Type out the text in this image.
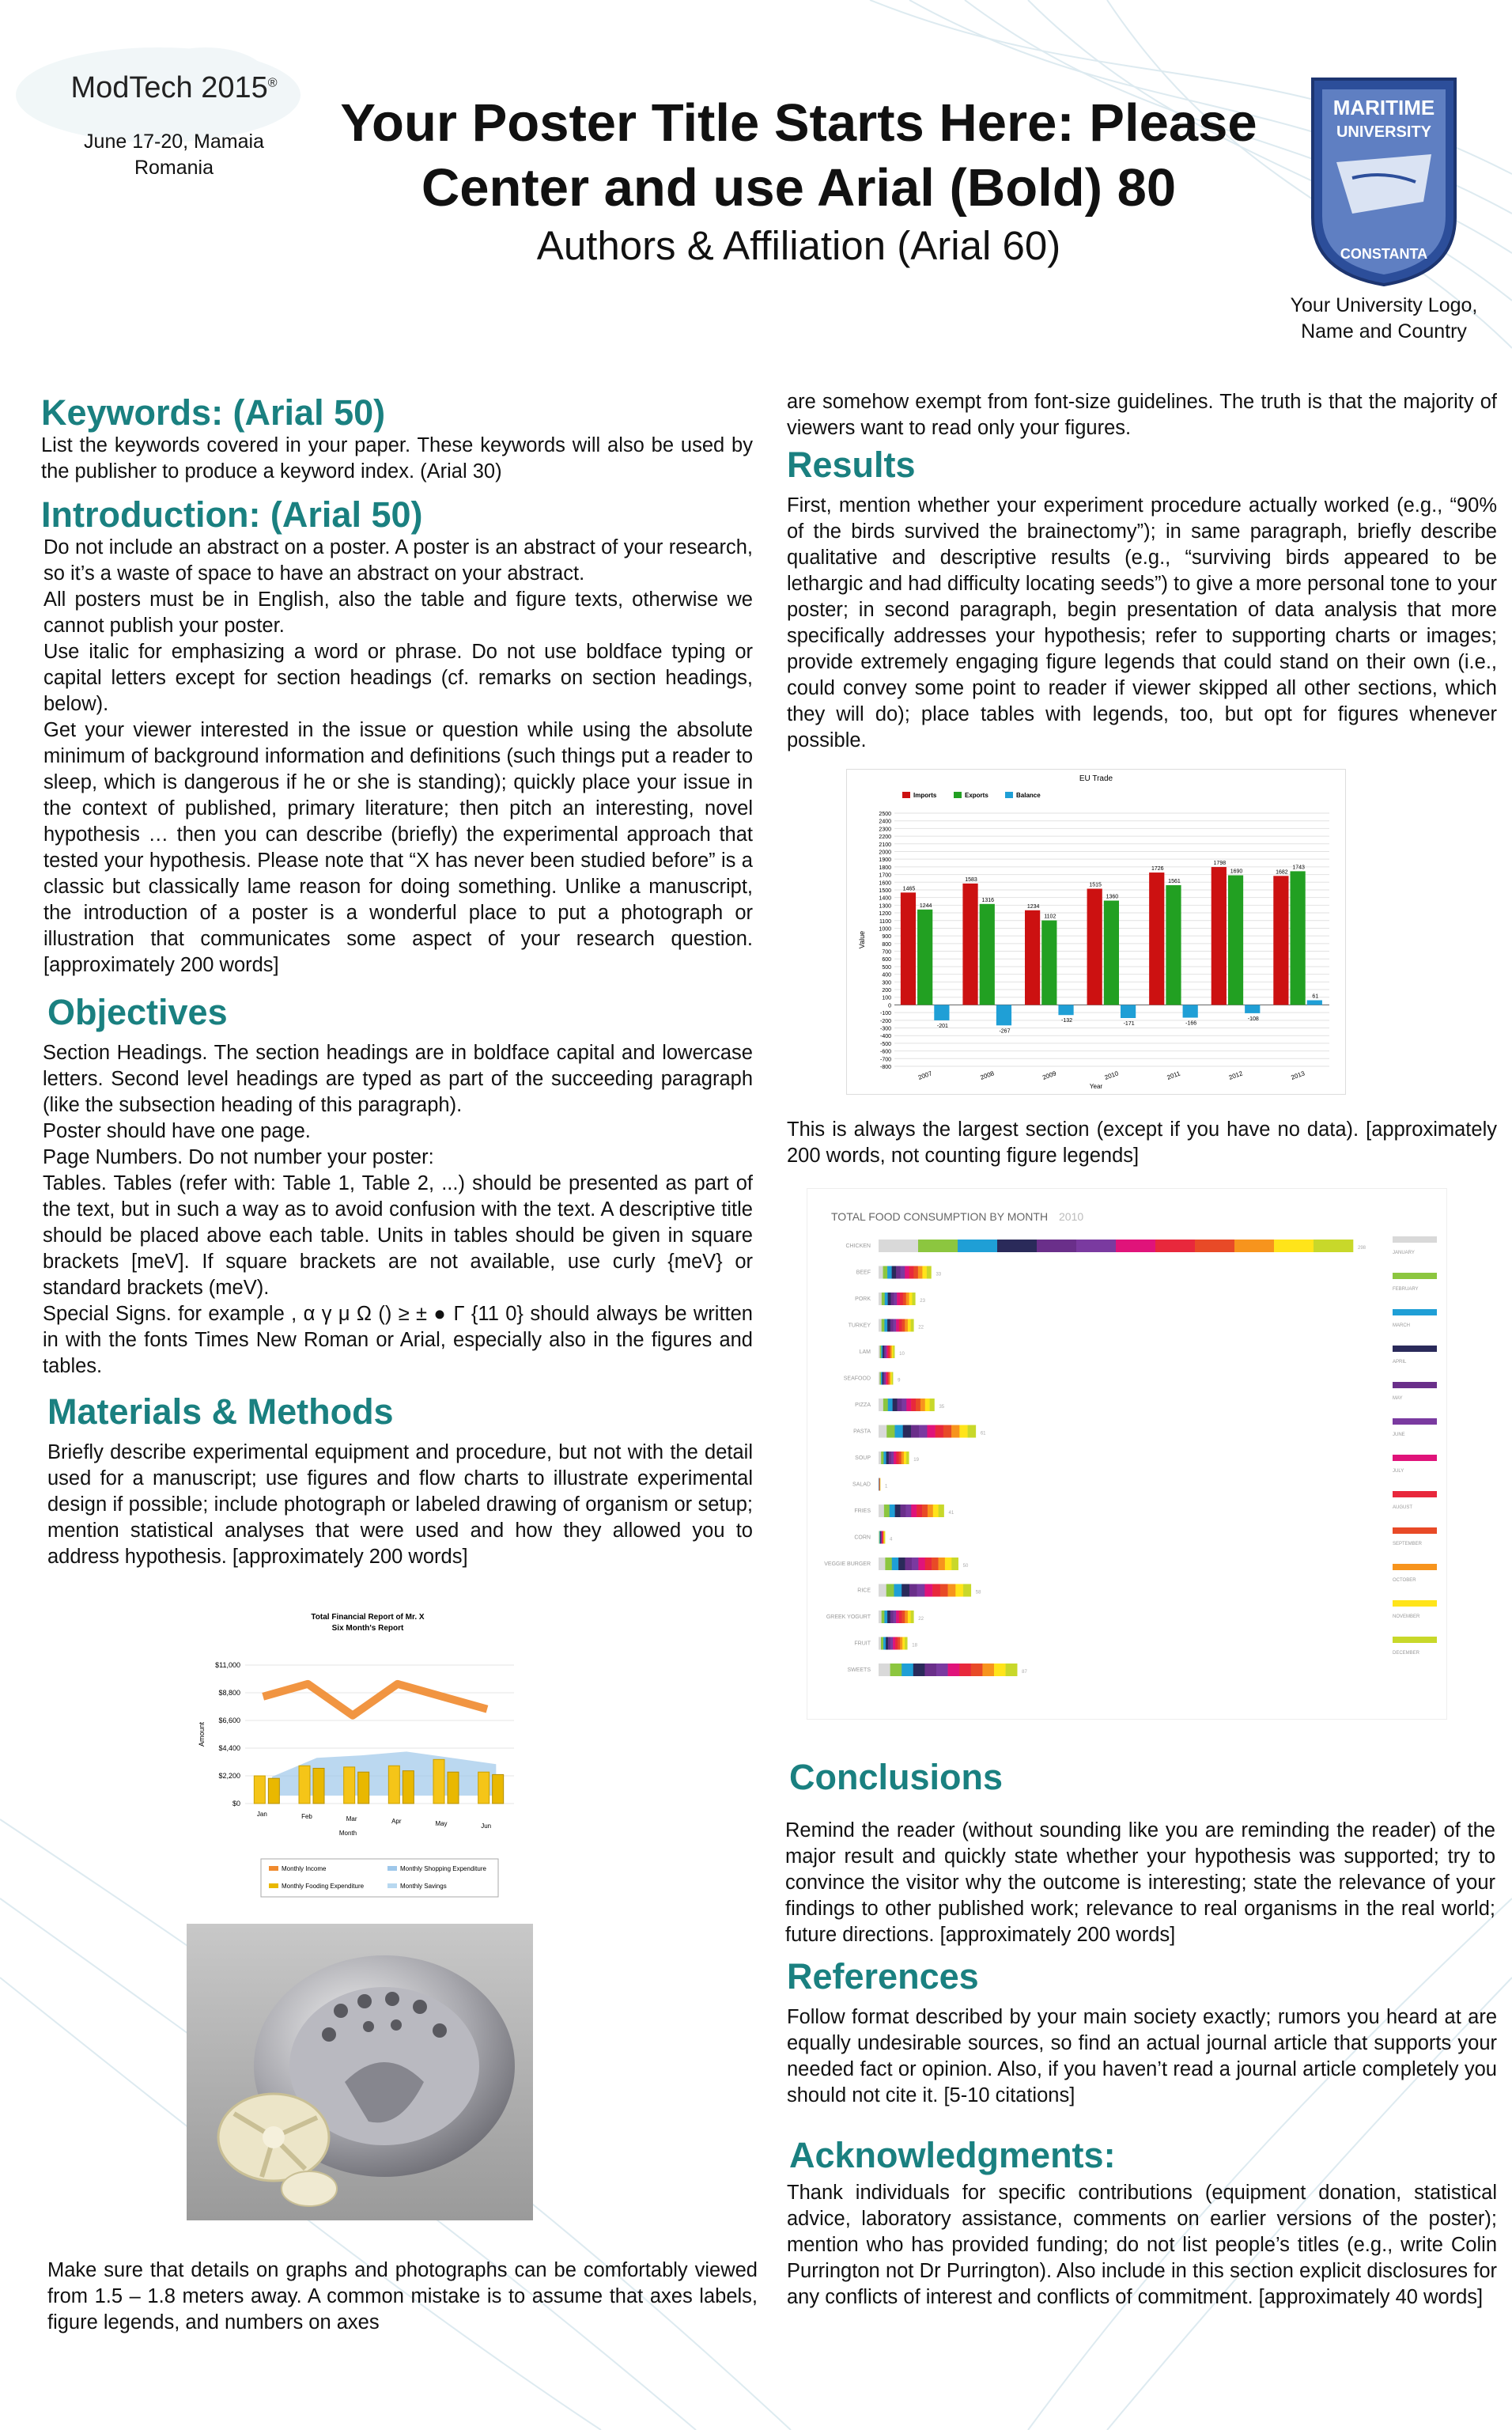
ModTech 2015®
June 17-20, Mamaia
Romania
Your Poster Title Starts Here: Please
Center and use Arial (Bold) 80
Authors & Affiliation (Arial 60)
MARITIME
UNIVERSITY
CONSTANTA
Your University Logo,
Name and Country
Keywords: (Arial 50)

List the keywords covered in your paper. These keywords will also be used by the publisher to produce a keyword index. (Arial 30)

Introduction: (Arial 50)

Do not include an abstract on a poster. A poster is an abstract of your research, so it’s a waste of space to have an abstract on your abstract.

All posters must be in English, also the table and figure texts, otherwise we cannot publish your poster.

Use italic for emphasizing a word or phrase. Do not use boldface typing or capital letters except for section headings (cf. remarks on section headings, below).

Get your viewer interested in the issue or question while using the absolute minimum of background information and definitions (such things put a reader to sleep, which is dangerous if he or she is standing); quickly place your issue in the context of published, primary literature; then pitch an interesting, novel hypothesis … then you can describe (briefly) the experimental approach that tested your hypothesis. Please note that “X has never been studied before” is a classic but classically lame reason for doing something. Unlike a manuscript, the introduction of a poster is a wonderful place to put a photograph or illustration that communicates some aspect of your research question. [approximately 200 words]

Objectives

Section Headings. The section headings are in boldface capital and lowercase letters. Second level headings are typed as part of the succeeding paragraph (like the subsection heading of this paragraph).

Poster should have one page.

Page Numbers. Do not number your poster:

Tables. Tables (refer with: Table 1, Table 2, ...) should be presented as part of the text, but in such a way as to avoid confusion with the text. A descriptive title should be placed above each table. Units in tables should be given in square brackets [meV]. If square brackets are not available, use curly {meV} or standard brackets (meV).

Special Signs. for example , α γ μ Ω () ≥ ± ● Γ {11 0} should always be written in with the fonts Times New Roman or Arial, especially also in the figures and tables.

Materials & Methods

Briefly describe experimental equipment and procedure, but not with the detail used for a manuscript; use figures and flow charts to illustrate experimental design if possible; include photograph or labeled drawing of organism or setup; mention statistical analyses that were used and how they allowed you to address hypothesis. [approximately 200 words]

Total Financial Report of Mr. X
Six Month's Report
$0
$2,200
$4,400
$6,600
$8,800
$11,000
Amount
Jan	Feb	Mar	Apr	May	Jun
Month
Monthly Income	Monthly Shopping Expenditure
Monthly Fooding Expenditure	Monthly Savings
Make sure that details on graphs and photographs can be comfortably viewed from 1.5 – 1.8 meters away. A common mistake is to assume that axes labels, figure legends, and numbers on axes
are somehow exempt from font-size guidelines. The truth is that the majority of viewers want to read only your figures.
Results

First, mention whether your experiment procedure actually worked (e.g., “90% of the birds survived the brainectomy”); in same paragraph, briefly describe qualitative and descriptive results (e.g., “surviving birds appeared to be lethargic and had difficulty locating seeds”) to give a more personal tone to your poster; in second paragraph, begin presentation of data analysis that more specifically addresses your hypothesis; refer to supporting charts or images; provide extremely engaging figure legends that could stand on their own (i.e., could convey some point to reader if viewer skipped all other sections, which they will do); place tables with legends, too, but opt for figures whenever possible.

EU Trade
Imports	Exports	Balance
-800
-700
-600
-500
-400
-300
-200
-100
0
100
200
300
400
500
600
700
800
900
1000
1100
1200
1300
1400
1500
1600
1700
1800
1900
2000
2100
2200
2300
2400
2500
Value
1465
1244
-201
2007
1583
1316
-267
2008
1234
1102
-132
2009
1515
1360
-171
2010
1726
1561
-166
2011
1798
1690
-108
2012
1682
1743
61
2013
Year
This is always the largest section (except if you have no data). [approximately 200 words, not counting figure legends]
TOTAL FOOD CONSUMPTION BY MONTH 2010
CHICKEN	298
BEEF	33
PORK	23
TURKEY	22
LAM	10
SEAFOOD	9
PIZZA	35
PASTA	61
SOUP	19
SALAD	1
FRIES	41
CORN	4
VEGGIE BURGER	50
RICE	58
GREEK YOGURT	22
FRUIT	18
SWEETS	87
JANUARY
FEBRUARY
MARCH
APRIL
MAY
JUNE
JULY
AUGUST
SEPTEMBER
OCTOBER
NOVEMBER
DECEMBER
Conclusions
Remind the reader (without sounding like you are reminding the reader) of the major result and quickly state whether your hypothesis was supported; try to convince the visitor why the outcome is interesting; state the relevance of your findings to other published work; relevance to real organisms in the real world; future directions. [approximately 200 words]
References

Follow format described by your main society exactly; rumors you heard at are equally undesirable sources, so find an actual journal article that supports your needed fact or opinion. Also, if you haven’t read a journal article completely you should not cite it. [5-10 citations]

Acknowledgments:
Thank individuals for specific contributions (equipment donation, statistical advice, laboratory assistance, comments on earlier versions of the poster); mention who has provided funding; do not list people’s titles (e.g., write Colin Purrington not Dr Purrington). Also include in this section explicit disclosures for any conflicts of interest and conflicts of commitment. [approximately 40 words]
